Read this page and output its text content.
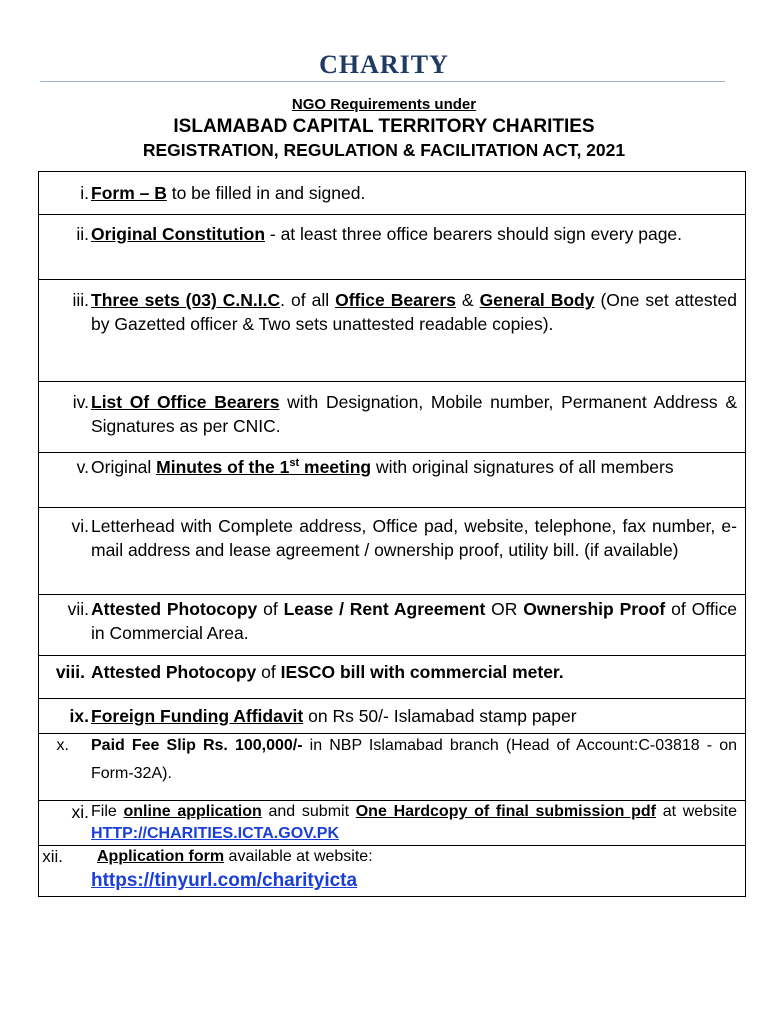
CHARITY
NGO Requirements under
ISLAMABAD CAPITAL TERRITORY CHARITIES
REGISTRATION, REGULATION & FACILITATION ACT, 2021
i. Form – B to be filled in and signed.

ii. Original Constitution - at least three office bearers should sign every page.

iii. Three sets (03) C.N.I.C. of all Office Bearers & General Body (One set attested by Gazetted officer & Two sets unattested readable copies).

iv. List Of Office Bearers with Designation, Mobile number, Permanent Address & Signatures as per CNIC.

v. Original Minutes of the 1st meeting with original signatures of all members

vi. Letterhead with Complete address, Office pad, website, telephone, fax number, e-mail address and lease agreement / ownership proof, utility bill. (if available)

vii. Attested Photocopy of Lease / Rent Agreement OR Ownership Proof of Office in Commercial Area.

viii. Attested Photocopy of IESCO bill with commercial meter.

ix. Foreign Funding Affidavit on Rs 50/- Islamabad stamp paper

x. Paid Fee Slip Rs. 100,000/- in NBP Islamabad branch (Head of Account:C-03818 - on Form-32A).

xi. File online application and submit One Hardcopy of final submission pdf at website HTTP://CHARITIES.ICTA.GOV.PK

xii. Application form available at website:
https://tinyurl.com/charityicta
